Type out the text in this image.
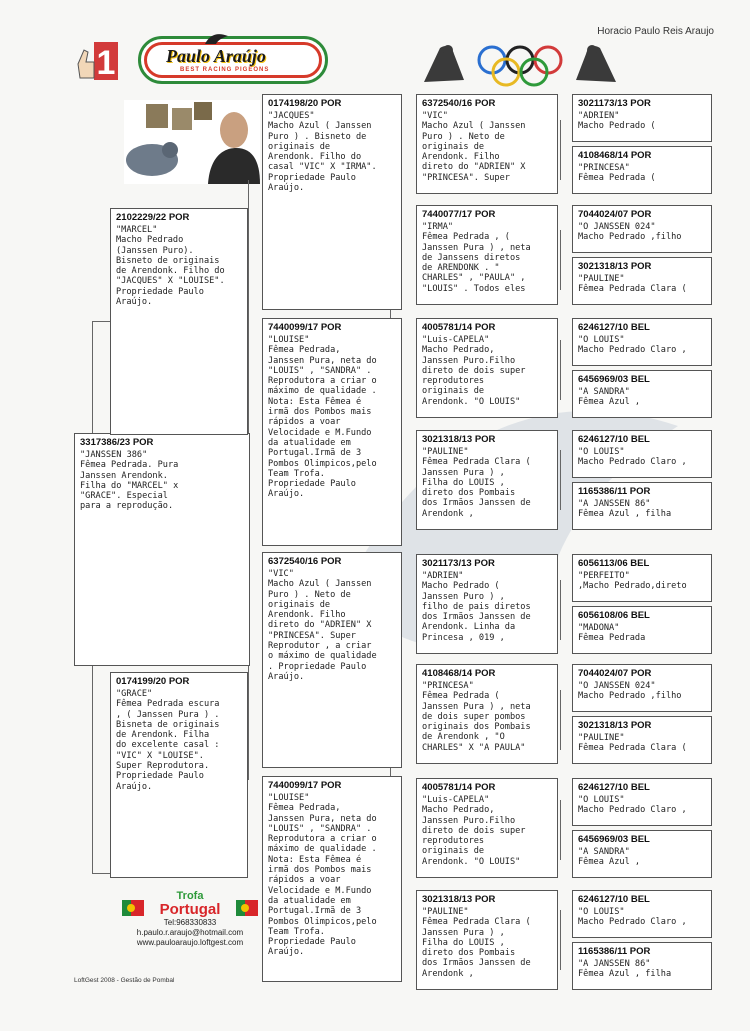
Horacio Paulo Reis Araujo
1	Paulo Araújo
BEST RACING PIGEONS
3317386/23 POR
"JANSSEN 386"
Fêmea Pedrada. Pura
Janssen Arendonk.
Filha do "MARCEL" x
"GRACE". Especial
para a reprodução.
2102229/22 POR
"MARCEL"
Macho Pedrado
(Janssen Puro).
Bisneto de originais
de Arendonk. Filho do
"JACQUES" X "LOUISE".
Propriedade Paulo
Araújo.
0174199/20 POR
"GRACE"
Fêmea Pedrada escura
, ( Janssen Pura ) .
Bisneta de originais
de Arendonk. Filha
do excelente casal :
"VIC" X "LOUISE".
Super Reprodutora.
Propriedade Paulo
Araújo.
0174198/20 POR
"JACQUES"
Macho Azul ( Janssen
Puro ) . Bisneto de
originais de
Arendonk. Filho do
casal "VIC" X "IRMA".
Propriedade Paulo
Araújo.
7440099/17 POR
"LOUISE"
Fêmea Pedrada,
Janssen Pura, neta do
"LOUIS" , "SANDRA" .
Reprodutora a criar o
máximo de qualidade .
Nota: Esta Fêmea é
irmã dos Pombos mais
rápidos a voar
Velocidade e M.Fundo
da atualidade em
Portugal.Irmã de 3
Pombos Olimpicos,pelo
Team Trofa.
Propriedade Paulo
Araújo.
6372540/16 POR
"VIC"
Macho Azul ( Janssen
Puro ) . Neto de
originais de
Arendonk. Filho
direto do "ADRIEN" X
"PRINCESA". Super
Reprodutor , a criar
o máximo de qualidade
. Propriedade Paulo
Araújo.
7440099/17 POR
"LOUISE"
Fêmea Pedrada,
Janssen Pura, neta do
"LOUIS" , "SANDRA" .
Reprodutora a criar o
máximo de qualidade .
Nota: Esta Fêmea é
irmã dos Pombos mais
rápidos a voar
Velocidade e M.Fundo
da atualidade em
Portugal.Irmã de 3
Pombos Olimpicos,pelo
Team Trofa.
Propriedade Paulo
Araújo.
6372540/16 POR
"VIC"
Macho Azul ( Janssen
Puro ) . Neto de
originais de
Arendonk. Filho
direto do "ADRIEN" X
"PRINCESA". Super
7440077/17 POR
"IRMA"
Fêmea Pedrada , (
Janssen Pura ) , neta
de Janssens diretos
de ARENDONK . "
CHARLES" , "PAULA" ,
"LOUIS" . Todos eles
4005781/14 POR
"Luis-CAPELA"
Macho Pedrado,
Janssen Puro.Filho
direto de dois super
reprodutores
originais de
Arendonk. "O LOUIS"
3021318/13 POR
"PAULINE"
Fêmea Pedrada Clara (
Janssen Pura ) ,
Filha do LOUIS ,
direto dos Pombais
dos Irmãos Janssen de
Arendonk ,
3021173/13 POR
"ADRIEN"
Macho Pedrado (
Janssen Puro ) ,
filho de pais diretos
dos Irmãos Janssen de
Arendonk. Linha da
Princesa , 019 ,
4108468/14 POR
"PRINCESA"
Fêmea Pedrada (
Janssen Pura ) , neta
de dois super pombos
originais dos Pombais
de Arendonk , "O
CHARLES" X "A PAULA"
4005781/14 POR
"Luis-CAPELA"
Macho Pedrado,
Janssen Puro.Filho
direto de dois super
reprodutores
originais de
Arendonk. "O LOUIS"
3021318/13 POR
"PAULINE"
Fêmea Pedrada Clara (
Janssen Pura ) ,
Filha do LOUIS ,
direto dos Pombais
dos Irmãos Janssen de
Arendonk ,
3021173/13 POR
"ADRIEN"
Macho Pedrado (
4108468/14 POR
"PRINCESA"
Fêmea Pedrada (
7044024/07 POR
"O JANSSEN 024"
Macho Pedrado ,filho
3021318/13 POR
"PAULINE"
Fêmea Pedrada Clara (
6246127/10 BEL
"O LOUIS"
Macho Pedrado Claro ,
6456969/03 BEL
"A SANDRA"
Fêmea Azul ,
6246127/10 BEL
"O LOUIS"
Macho Pedrado Claro ,
1165386/11 POR
"A JANSSEN 86"
Fêmea Azul , filha
6056113/06 BEL
"PERFEITO"
,Macho Pedrado,direto
6056108/06 BEL
"MADONA"
Fêmea Pedrada
7044024/07 POR
"O JANSSEN 024"
Macho Pedrado ,filho
3021318/13 POR
"PAULINE"
Fêmea Pedrada Clara (
6246127/10 BEL
"O LOUIS"
Macho Pedrado Claro ,
6456969/03 BEL
"A SANDRA"
Fêmea Azul ,
6246127/10 BEL
"O LOUIS"
Macho Pedrado Claro ,
1165386/11 POR
"A JANSSEN 86"
Fêmea Azul , filha
Trofa
Portugal
Tel:968330833
h.paulo.r.araujo@hotmail.com
www.pauloaraujo.loftgest.com
LoftGest 2008 - Gestão de Pombal
